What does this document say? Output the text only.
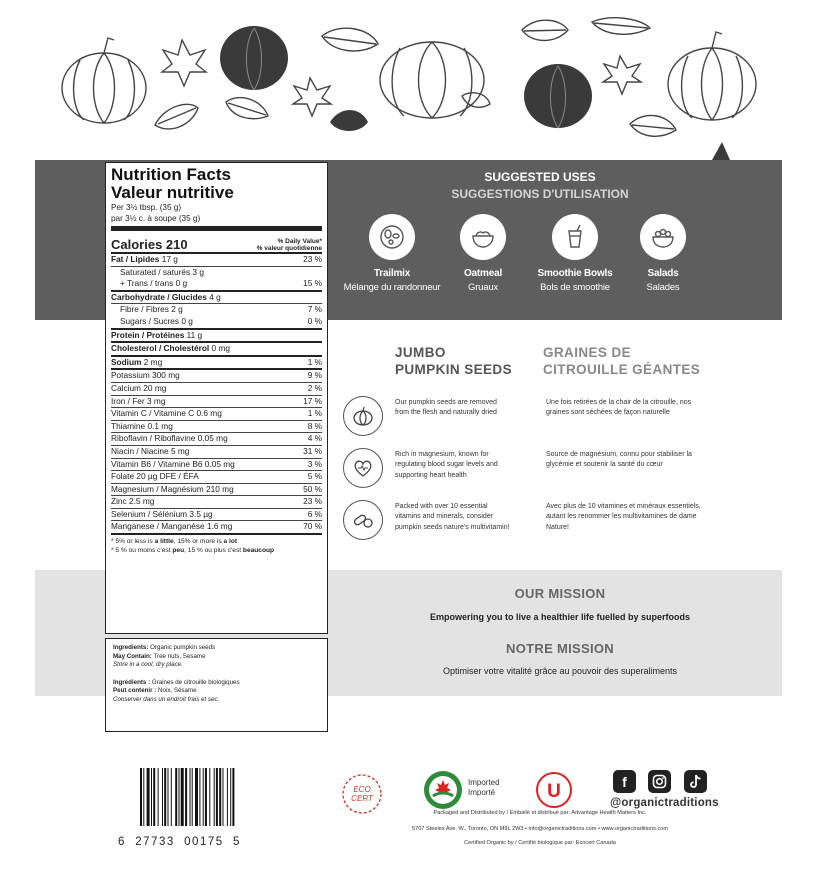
SUGGESTED USES
SUGGESTIONS D'UTILISATION
Trailmix
Mélange du randonneur
Oatmeal
Gruaux
Smoothie Bowls
Bols de smoothie
Salads
Salades
JUMBO
PUMPKIN SEEDS
GRAINES DE
CITROUILLE GÉANTES
Our pumpkin seeds are removed from the flesh and naturally dried
Une fois retirées de la chair de la citrouille, nos graines sont séchées de façon naturelle
Rich in magnesium, known for regulating blood sugar levels and supporting heart health
Source de magnésium, connu pour stabiliser la glycémie et soutenir la santé du cœur
Packed with over 10 essential vitamins and minerals, consider pumpkin seeds nature's multivitamin!
Avec plus de 10 vitamines et minéraux essentiels, autant les renommer les multivitamines de dame Nature!
OUR MISSION
Empowering you to live a healthier life fuelled by superfoods
NOTRE MISSION
Optimiser votre vitalité grâce au pouvoir des superaliments
Nutrition Facts
Valeur nutritive
Per 3½ tbsp. (35 g)
par 3½ c. à soupe (35 g)
Calories 210	% Daily Value*
% valeur quotidienne
Fat / Lipides 17 g	23 %
Saturated / saturés 3 g
+ Trans / trans 0 g	15 %
Carbohydrate / Glucides 4 g
Fibre / Fibres 2 g	7 %
Sugars / Sucres 0 g	0 %
Protein / Protéines 11 g
Cholesterol / Cholestérol 0 mg
Sodium 2 mg	1 %
Potassium 300 mg	9 %
Calcium 20 mg	2 %
Iron / Fer 3 mg	17 %
Vitamin C / Vitamine C 0.6 mg	1 %
Thiamine 0.1 mg	8 %
Riboflavin / Riboflavine 0.05 mg	4 %
Niacin / Niacine 5 mg	31 %
Vitamin B6 / Vitamine B6 0.05 mg	3 %
Folate 20 µg DFE / ÉFA	5 %
Magnesium / Magnésium 210 mg	50 %
Zinc 2.5 mg	23 %
Selenium / Sélénium 3.5 µg	6 %
Manganese / Manganèse 1.6 mg	70 %
* 5% or less is a little, 15% or more is a lot
* 5 % ou moins c'est peu, 15 % ou plus c'est beaucoup
Ingredients: Organic pumpkin seeds
May Contain: Tree nuts, Sesame
Store in a cool, dry place.
Ingrédients : Graines de citrouille biologiques
Peut contenir : Noix, Sésame
Conserver dans un endroit frais et sec.
6  27733  00175  5
ECO
CERT
Imported
Importé	U	f
@organictraditions
Packaged and Distributed by / Emballé et distribué par: Advantage Health Matters Inc.
5707 Steeles Ave. W., Toronto, ON M9L 2W3 • info@organictraditions.com • www.organictraditions.com
Certified Organic by / Certifié biologique par: Ecocert Canada
